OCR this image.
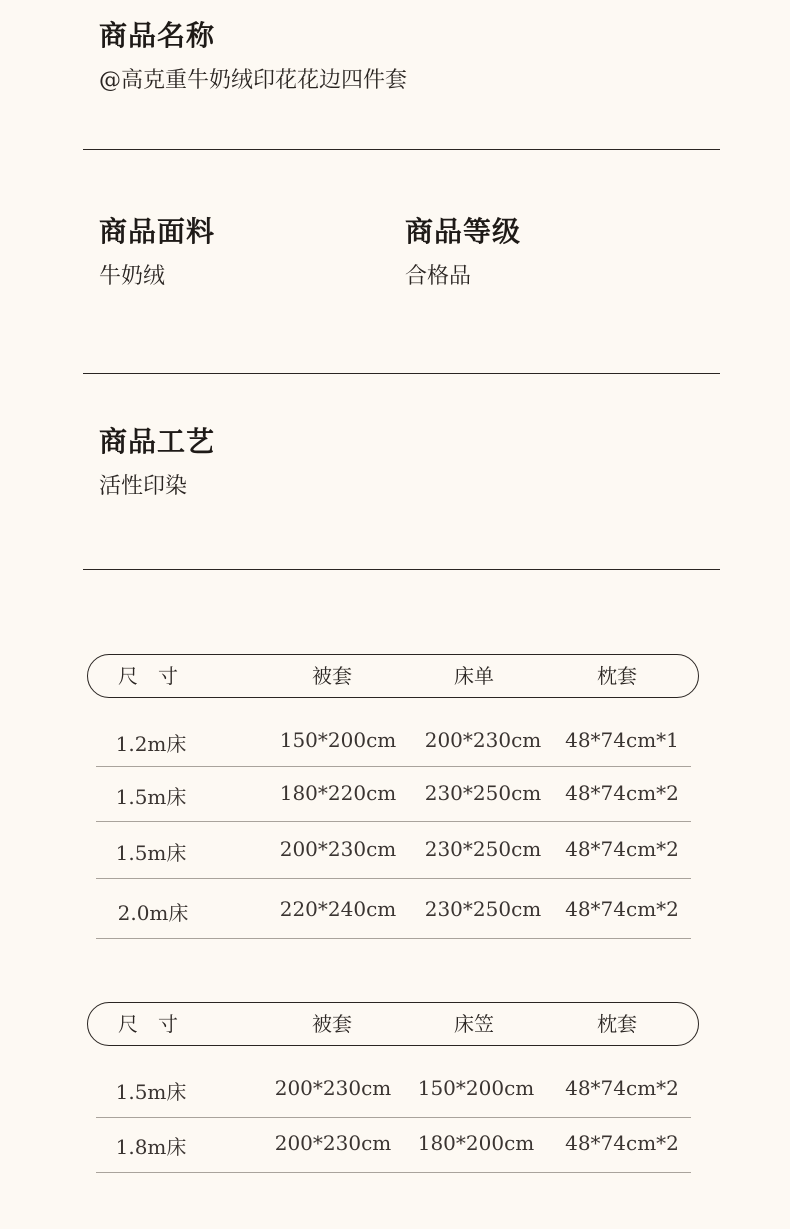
商品名称
@高克重牛奶绒印花花边四件套
商品面料
牛奶绒
商品等级
合格品
商品工艺
活性印染
尺　寸	被套	床单	枕套
1.2m床	150*200cm	200*230cm	48*74cm*1
1.5m床	180*220cm	230*250cm	48*74cm*2
1.5m床	200*230cm	230*250cm	48*74cm*2
2.0m床	220*240cm	230*250cm	48*74cm*2
尺　寸	被套	床笠	枕套
1.5m床	200*230cm	150*200cm	48*74cm*2
1.8m床	200*230cm	180*200cm	48*74cm*2
